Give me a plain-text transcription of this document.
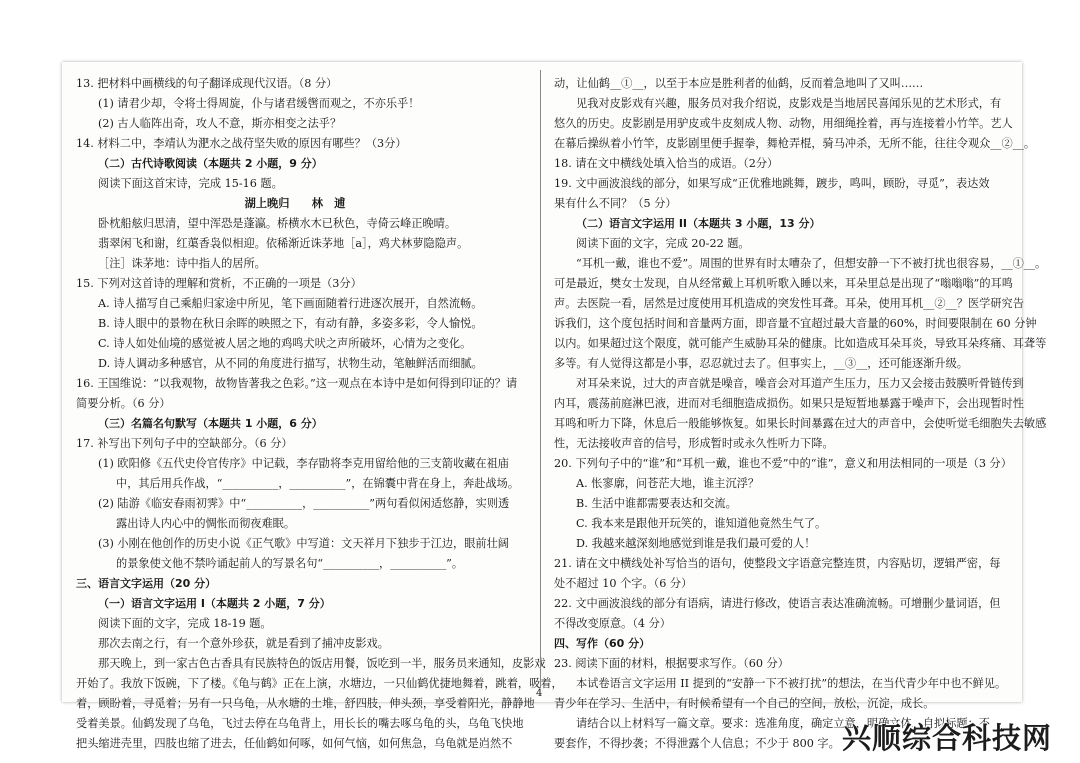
13. 把材料中画横线的句子翻译成现代汉语。（8 分）
(1) 请君少却，令将士得周旋，仆与诸君缓辔而观之，不亦乐乎！
(2) 古人临阵出奇，攻人不意，斯亦相变之法乎？
14. 材料二中，李靖认为淝水之战苻坚失败的原因有哪些？（3分）
（二）古代诗歌阅读（本题共 2 小题，9 分）
阅读下面这首宋诗，完成 15-16 题。
湖上晚归　　林　逋
卧枕船舷归思清，望中浑恐是蓬瀛。桥横水木已秋色，寺倚云峰正晚晴。
翡翠闲飞和谢，红蕖香袅似相迎。依稀渐近诛茅地［a］，鸡犬林萝隐隐声。
［注］诛茅地：诗中指人的居所。
15. 下列对这首诗的理解和赏析，不正确的一项是（3分）
A. 诗人描写自己乘船归家途中所见，笔下画面随着行进逐次展开，自然流畅。
B. 诗人眼中的景物在秋日余晖的映照之下，有动有静，多姿多彩，令人愉悦。
C. 诗人如处仙境的感觉被人居之地的鸡鸣犬吠之声所破坏，心情为之变化。
D. 诗人调动多种感官，从不同的角度进行描写，状物生动，笔触鲜活而细腻。
16. 王国维说：“以我观物，故物皆著我之色彩。”这一观点在本诗中是如何得到印证的？请
简要分析。（6 分）
（三）名篇名句默写（本题共 1 小题，6 分）
17. 补写出下列句子中的空缺部分。（6 分）
(1) 欧阳修《五代史伶官传序》中记载，李存勖将李克用留给他的三支箭收藏在祖庙
中，其后用兵作战，“__________，__________”，在锦囊中背在身上，奔赴战场。
(2) 陆游《临安春雨初霁》中“__________，__________”两句看似闲适悠静，实则透
露出诗人内心中的惆怅而彻夜难眠。
(3) 小刚在他创作的历史小说《正气歌》中写道：文天祥月下独步于江边，眼前壮阔
的景象使文他不禁吟诵起前人的写景名句“__________，__________”。
三、语言文字运用（20 分）
（一）语言文字运用 I（本题共 2 小题，7 分）
阅读下面的文字，完成 18-19 题。
那次去南之行，有一个意外珍获，就是看到了捕冲皮影戏。
那天晚上，到一家古色古香具有民族特色的饭店用餐，饭吃到一半，服务员来通知，皮影戏
开始了。我放下饭碗，下了楼。《龟与鹤》正在上演，水塘边，一只仙鹤优捷地舞着，跳着，吸着，
着，顾盼着，寻觅着；另有一只乌龟，从水塘的土堆，舒四肢，伸头颈，享受着阳光，静静地
受着美景。仙鹤发现了乌龟，飞过去停在乌龟背上，用长长的嘴去啄乌龟的头，乌龟飞快地
把头缩进壳里，四肢也缩了进去，任仙鹤如何啄，如何气恼，如何焦急，乌龟就是岿然不
动，让仙鹤__①__，以至于本应是胜利者的仙鹤，反而着急地叫了又叫……
见我对皮影戏有兴趣，服务员对我介绍说，皮影戏是当地居民喜闻乐见的艺术形式，有
悠久的历史。皮影剧是用驴皮或牛皮刻成人物、动物，用细绳拴着，再与连接着小竹竿。艺人
在幕后操纵着小竹竿，皮影剧里便手握拳，舞枪弄棍，骑马冲杀，无所不能，往往令观众__②__。
18. 请在文中横线处填入恰当的成语。（2分）
19. 文中画波浪线的部分，如果写成“正优雅地跳舞，踱步，鸣叫，顾盼，寻觅”，表达效
果有什么不同？（5 分）
（二）语言文字运用 II（本题共 3 小题，13 分）
阅读下面的文字，完成 20-22 题。
“耳机一戴，谁也不爱”。周围的世界有时太嘈杂了，但想安静一下不被打扰也很容易，__①__。
可是最近，樊女士发现，自从经常戴上耳机听歌入睡以来，耳朵里总是出现了“嗡嗡嗡”的耳鸣
声。去医院一看，居然是过度使用耳机造成的突发性耳聋。耳朵，使用耳机__②__？医学研究告
诉我们，这个度包括时间和音量两方面，即音量不宜超过最大音量的60%，时间要限制在 60 分钟
以内。如果超过这个限度，就可能产生威胁耳朵的健康。比如造成耳朵耳炎，导致耳朵疼痛、耳聋等
多等。有人觉得这都是小事，忍忍就过去了。但事实上，__③__，还可能逐渐升级。
对耳朵来说，过大的声音就是噪音，噪音会对耳道产生压力，压力又会接击鼓膜听骨链传到
内耳，震荡前庭淋巴液，进而对毛细胞造成损伤。如果只是短暂地暴露于噪声下，会出现暂时性
耳鸣和听力下降，休息后一般能够恢复。如果长时间暴露在过大的声音中，会使听觉毛细胞失去敏感
性，无法接收声音的信号，形成暂时或永久性听力下降。
20. 下列句子中的“谁”和“耳机一戴，谁也不爱”中的“谁”，意义和用法相同的一项是（3 分）
A. 怅寥廓，问苍茫大地，谁主沉浮？
B. 生活中谁都需要表达和交流。
C. 我本来是跟他开玩笑的，谁知道他竟然生气了。
D. 我越来越深刻地感觉到谁是我们最可爱的人！
21. 请在文中横线处补写恰当的语句，使整段文字语意完整连贯，内容贴切，逻辑严密，每
处不超过 10 个字。（6 分）
22. 文中画波浪线的部分有语病，请进行修改，使语言表达准确流畅。可增删少量词语，但
不得改变原意。（4 分）
四、写作（60 分）
23. 阅读下面的材料，根据要求写作。（60 分）
本试卷语言文字运用 II 提到的“安静一下不被打扰”的想法，在当代青少年中也不鲜见。
青少年在学习、生活中，有时候希望有一个自己的空间，放松，沉淀，成长。
请结合以上材料写一篇文章。要求：选准角度，确定立意，明确文体，自拟标题；不
要套作，不得抄袭；不得泄露个人信息；不少于 800 字。
4
兴顺综合科技网
